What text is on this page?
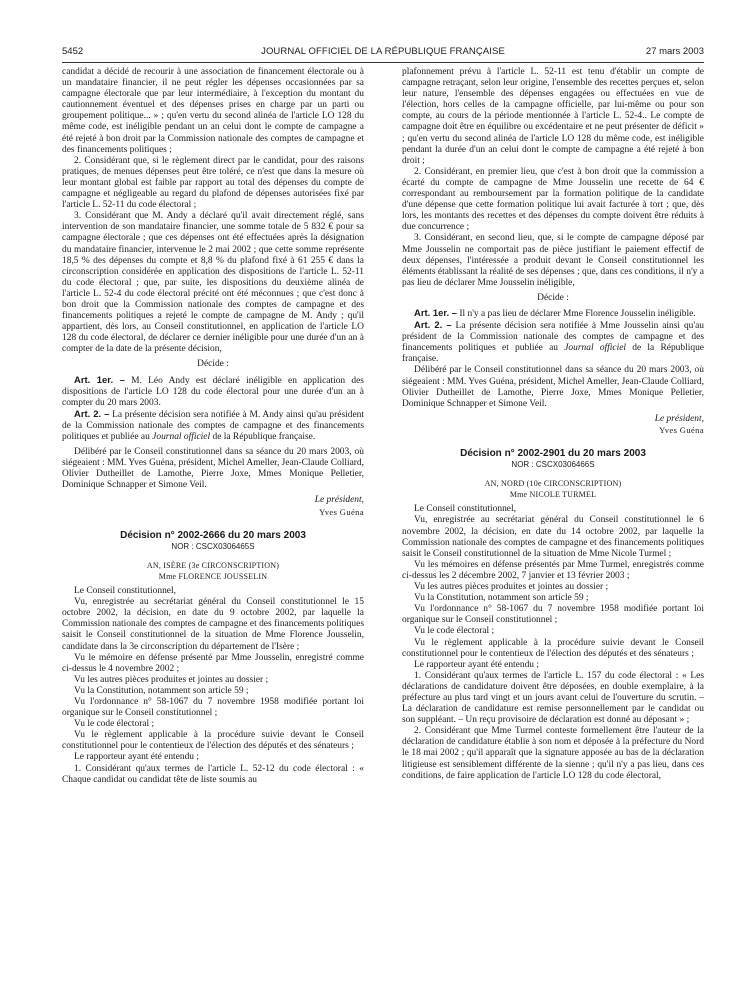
5452	JOURNAL OFFICIEL DE LA RÉPUBLIQUE FRANÇAISE	27 mars 2003

candidat a décidé de recourir à une association de financement électorale ou à un mandataire financier, il ne peut régler les dépenses occasionnées par sa campagne électorale que par leur intermédiaire, à l'exception du montant du cautionnement éventuel et des dépenses prises en charge par un parti ou groupement politique... » ; qu'en vertu du second alinéa de l'article LO 128 du même code, est inéligible pendant un an celui dont le compte de campagne a été rejeté à bon droit par la Commission nationale des comptes de campagne et des financements politiques ;

2. Considérant que, si le règlement direct par le candidat, pour des raisons pratiques, de menues dépenses peut être toléré, ce n'est que dans la mesure où leur montant global est faible par rapport au total des dépenses du compte de campagne et négligeable au regard du plafond de dépenses autorisées fixé par l'article L. 52-11 du code électoral ;

3. Considérant que M. Andy a déclaré qu'il avait directement réglé, sans intervention de son mandataire financier, une somme totale de 5 832 € pour sa campagne électorale ; que ces dépenses ont été effectuées après la désignation du mandataire financier, intervenue le 2 mai 2002 ; que cette somme représente 18,5 % des dépenses du compte et 8,8 % du plafond fixé à 61 255 € dans la circonscription considérée en application des dispositions de l'article L. 52-11 du code électoral ; que, par suite, les dispositions du deuxième alinéa de l'article L. 52-4 du code électoral précité ont été méconnues ; que c'est donc à bon droit que la Commission nationale des comptes de campagne et des financements politiques a rejeté le compte de campagne de M. Andy ; qu'il appartient, dès lors, au Conseil constitutionnel, en application de l'article LO 128 du code électoral, de déclarer ce dernier inéligible pour une durée d'un an à compter de la date de la présente décision,

Décide :

Art. 1er. – M. Léo Andy est déclaré inéligible en application des dispositions de l'article LO 128 du code électoral pour une durée d'un an à compter du 20 mars 2003.

Art. 2. – La présente décision sera notifiée à M. Andy ainsi qu'au président de la Commission nationale des comptes de campagne et des financements politiques et publiée au Journal officiel de la République française.

Délibéré par le Conseil constitutionnel dans sa séance du 20 mars 2003, où siégeaient : MM. Yves Guéna, président, Michel Ameller, Jean-Claude Colliard, Olivier Dutheillet de Lamothe, Pierre Joxe, Mmes Monique Pelletier, Dominique Schnapper et Simone Veil.

Le président,

Yves Guéna

Décision n° 2002-2666 du 20 mars 2003

NOR : CSCX0306465S

AN, ISÈRE (3e CIRCONSCRIPTION)

Mme FLORENCE JOUSSELIN

Le Conseil constitutionnel,

Vu, enregistrée au secrétariat général du Conseil constitutionnel le 15 octobre 2002, la décision, en date du 9 octobre 2002, par laquelle la Commission nationale des comptes de campagne et des financements politiques saisit le Conseil constitutionnel de la situation de Mme Florence Jousselin, candidate dans la 3e circonscription du département de l'Isère ;

Vu le mémoire en défense présenté par Mme Jousselin, enregistré comme ci-dessus le 4 novembre 2002 ;

Vu les autres pièces produites et jointes au dossier ;

Vu la Constitution, notamment son article 59 ;

Vu l'ordonnance n° 58-1067 du 7 novembre 1958 modifiée portant loi organique sur le Conseil constitutionnel ;

Vu le code électoral ;

Vu le règlement applicable à la procédure suivie devant le Conseil constitutionnel pour le contentieux de l'élection des députés et des sénateurs ;

Le rapporteur ayant été entendu ;

1. Considérant qu'aux termes de l'article L. 52-12 du code électoral : « Chaque candidat ou candidat tête de liste soumis au

plafonnement prévu à l'article L. 52-11 est tenu d'établir un compte de campagne retraçant, selon leur origine, l'ensemble des recettes perçues et, selon leur nature, l'ensemble des dépenses engagées ou effectuées en vue de l'élection, hors celles de la campagne officielle, par lui-même ou pour son compte, au cours de la période mentionnée à l'article L. 52-4.. Le compte de campagne doit être en équilibre ou excédentaire et ne peut présenter de déficit » ; qu'en vertu du second alinéa de l'article LO 128 du même code, est inéligible pendant la durée d'un an celui dont le compte de campagne a été rejeté à bon droit ;

2. Considérant, en premier lieu, que c'est à bon droit que la commission a écarté du compte de campagne de Mme Jousselin une recette de 64 € correspondant au remboursement par la formation politique de la candidate d'une dépense que cette formation politique lui avait facturée à tort ; que, dès lors, les montants des recettes et des dépenses du compte doivent être réduits à due concurrence ;

3. Considérant, en second lieu, que, si le compte de campagne déposé par Mme Jousselin ne comportait pas de pièce justifiant le paiement effectif de deux dépenses, l'intéressée a produit devant le Conseil constitutionnel les éléments établissant la réalité de ses dépenses ; que, dans ces conditions, il n'y a pas lieu de déclarer Mme Jousselin inéligible,

Décide :

Art. 1er. – Il n'y a pas lieu de déclarer Mme Florence Jousselin inéligible.

Art. 2. – La présente décision sera notifiée à Mme Jousselin ainsi qu'au président de la Commission nationale des comptes de campagne et des financements politiques et publiée au Journal officiel de la République française.

Délibéré par le Conseil constitutionnel dans sa séance du 20 mars 2003, où siégeaient : MM. Yves Guéna, président, Michel Ameller, Jean-Claude Colliard, Olivier Dutheillet de Lamothe, Pierre Joxe, Mmes Monique Pelletier, Dominique Schnapper et Simone Veil.

Le président,

Yves Guéna

Décision n° 2002-2901 du 20 mars 2003

NOR : CSCX0306466S

AN, NORD (10e CIRCONSCRIPTION)

Mme NICOLE TURMEL

Le Conseil constitutionnel,

Vu, enregistrée au secrétariat général du Conseil constitutionnel le 6 novembre 2002, la décision, en date du 14 octobre 2002, par laquelle la Commission nationale des comptes de campagne et des financements politiques saisit le Conseil constitutionnel de la situation de Mme Nicole Turmel ;

Vu les mémoires en défense présentés par Mme Turmel, enregistrés comme ci-dessus les 2 décembre 2002, 7 janvier et 13 février 2003 ;

Vu les autres pièces produites et jointes au dossier ;

Vu la Constitution, notamment son article 59 ;

Vu l'ordonnance n° 58-1067 du 7 novembre 1958 modifiée portant loi organique sur le Conseil constitutionnel ;

Vu le code électoral ;

Vu le règlement applicable à la procédure suivie devant le Conseil constitutionnel pour le contentieux de l'élection des députés et des sénateurs ;

Le rapporteur ayant été entendu ;

1. Considérant qu'aux termes de l'article L. 157 du code électoral : « Les déclarations de candidature doivent être déposées, en double exemplaire, à la préfecture au plus tard vingt et un jours avant celui de l'ouverture du scrutin. – La déclaration de candidature est remise personnellement par le candidat ou son suppléant. – Un reçu provisoire de déclaration est donné au déposant » ;

2. Considérant que Mme Turmel conteste formellement être l'auteur de la déclaration de candidature établie à son nom et déposée à la préfecture du Nord le 18 mai 2002 ; qu'il apparaît que la signature apposée au bas de la déclaration litigieuse est sensiblement différente de la sienne ; qu'il n'y a pas lieu, dans ces conditions, de faire application de l'article LO 128 du code électoral,
